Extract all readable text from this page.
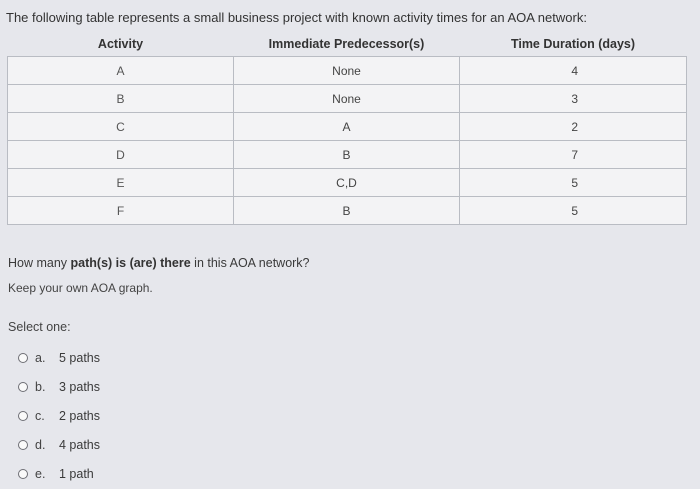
The following table represents a small business project with known activity times for an AOA network:
Activity	Immediate Predecessor(s)	Time Duration (days)
A	None	4
B	None	3
C	A	2
D	B	7
E	C,D	5
F	B	5
How many path(s) is (are) there in this AOA network?
Keep your own AOA graph.
Select one:
a.	5 paths
b.	3 paths
c.	2 paths
d.	4 paths
e.	1 path
